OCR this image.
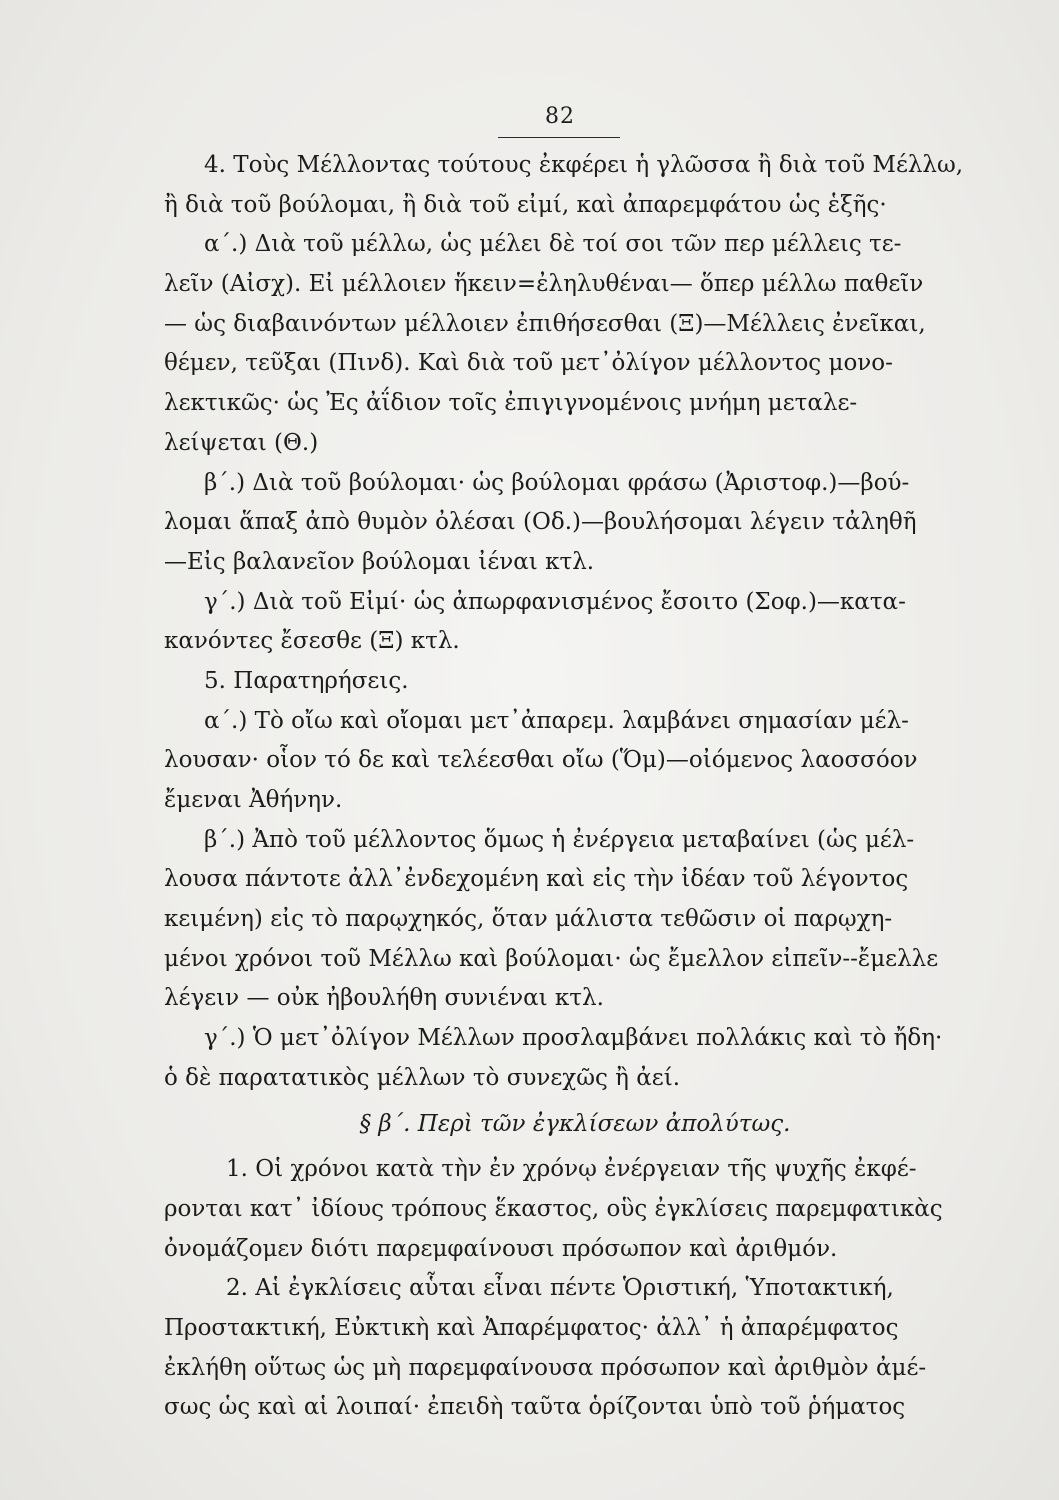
82
4. Τοὺς Μέλλοντας τούτους ἐκφέρει ἡ γλῶσσα ἢ διὰ τοῦ Μέλλω,
ἢ διὰ τοῦ βούλομαι, ἢ διὰ τοῦ εἰμί, καὶ ἀπαρεμφάτου ὡς ἑξῆς·
α΄.) Διὰ τοῦ μέλλω, ὡς μέλει δὲ τοί σοι τῶν περ μέλλεις τε-
λεῖν (Αἰσχ). Εἰ μέλλοιεν ἥκειν=ἐληλυθέναι— ὅπερ μέλλω παθεῖν
— ὡς διαβαινόντων μέλλοιεν ἐπιθήσεσθαι (Ξ)—Μέλλεις ἐνεῖκαι,
θέμεν, τεῦξαι (Πινδ). Καὶ διὰ τοῦ μετ᾽ὀλίγον μέλλοντος μονο-
λεκτικῶς· ὡς Ἐς ἀΐδιον τοῖς ἐπιγιγνομένοις μνήμη μεταλε-
λείψεται (Θ.)
β΄.) Διὰ τοῦ βούλομαι· ὡς βούλομαι φράσω (Ἀριστοφ.)—βού-
λομαι ἅπαξ ἀπὸ θυμὸν ὀλέσαι (Οδ.)—βουλήσομαι λέγειν τἀληθῆ
—Εἰς βαλανεῖον βούλομαι ἰέναι κτλ.
γ΄.) Διὰ τοῦ Εἰμί· ὡς ἀπωρφανισμένος ἔσοιτο (Σοφ.)—κατα-
κανόντες ἔσεσθε (Ξ) κτλ.
5. Παρατηρήσεις.
α΄.) Τὸ οἴω καὶ οἴομαι μετ᾽ἀπαρεμ. λαμβάνει σημασίαν μέλ-
λουσαν· οἷον τό δε καὶ τελέεσθαι οἴω (Ὅμ)—οἰόμενος λαοσσόον
ἔμεναι Ἀθήνην.
β΄.) Ἀπὸ τοῦ μέλλοντος ὅμως ἡ ἐνέργεια μεταβαίνει (ὡς μέλ-
λουσα πάντοτε ἀλλ᾽ἐνδεχομένη καὶ εἰς τὴν ἰδέαν τοῦ λέγοντος
κειμένη) εἰς τὸ παρῳχηκός, ὅταν μάλιστα τεθῶσιν οἱ παρῳχη-
μένοι χρόνοι τοῦ Μέλλω καὶ βούλομαι· ὡς ἔμελλον εἰπεῖν--ἔμελλε
λέγειν — οὐκ ἠβουλήθη συνιέναι κτλ.
γ΄.) Ὁ μετ᾽ὀλίγον Μέλλων προσλαμβάνει πολλάκις καὶ τὸ ἤδη·
ὁ δὲ παρατατικὸς μέλλων τὸ συνεχῶς ἢ ἀεί.
§ β΄. Περὶ τῶν ἐγκλίσεων ἀπολύτως.
1. Οἱ χρόνοι κατὰ τὴν ἐν χρόνῳ ἐνέργειαν τῆς ψυχῆς ἐκφέ-
ρονται κατ᾽ ἰδίους τρόπους ἕκαστος, οὓς ἐγκλίσεις παρεμφατικὰς
ὀνομάζομεν διότι παρεμφαίνουσι πρόσωπον καὶ ἀριθμόν.
2. Αἱ ἐγκλίσεις αὗται εἶναι πέντε Ὁριστική, Ὑποτακτική,
Προστακτική, Εὐκτικὴ καὶ Ἀπαρέμφατος· ἀλλ᾽ ἡ ἀπαρέμφατος
ἐκλήθη οὕτως ὡς μὴ παρεμφαίνουσα πρόσωπον καὶ ἀριθμὸν ἀμέ-
σως ὡς καὶ αἱ λοιπαί· ἐπειδὴ ταῦτα ὁρίζονται ὑπὸ τοῦ ῥήματος
